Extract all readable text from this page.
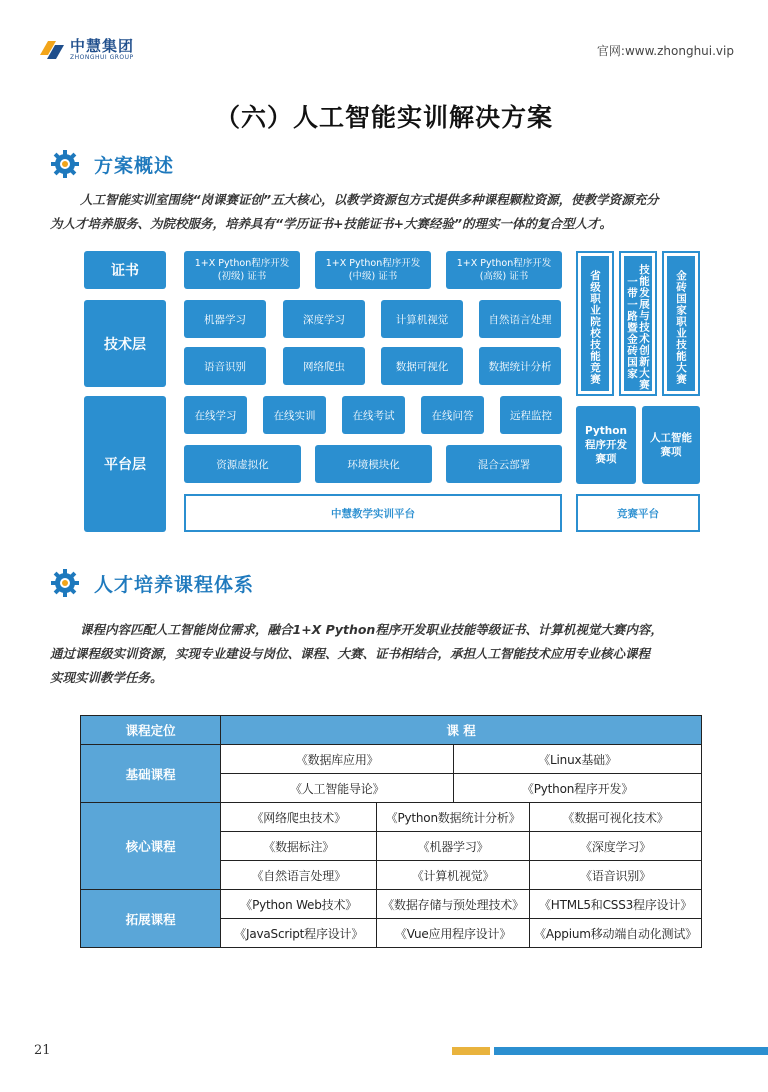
中慧集团
ZHONGHUI GROUP	官网:www.zhonghui.vip
（六）人工智能实训解决方案
方案概述
人工智能实训室围绕“岗课赛证创”五大核心，以教学资源包方式提供多种课程颗粒资源，使教学资源充分
为人才培养服务、为院校服务，培养具有“学历证书+技能证书+大赛经验”的理实一体的复合型人才。
证书
技术层
平台层
1+X Python程序开发
(初级) 证书
1+X Python程序开发
(中级) 证书
1+X Python程序开发
(高级) 证书
机器学习	深度学习	计算机视觉	自然语言处理
语音识别	网络爬虫	数据可视化	数据统计分析
在线学习	在线实训	在线考试	在线问答	远程监控
资源虚拟化	环境模块化	混合云部署
中慧教学实训平台
省级职业院校技能竞赛	技能发展与技术创新大赛
一带一路暨金砖国家	金砖国家职业技能大赛
Python
程序开发
赛项
人工智能
赛项
竞赛平台
人才培养课程体系
课程内容匹配人工智能岗位需求，融合1+X Python程序开发职业技能等级证书、计算机视觉大赛内容，
通过课程级实训资源，实现专业建设与岗位、课程、大赛、证书相结合，承担人工智能技术应用专业核心课程
实现实训教学任务。
课程定位	课 程			
基础课程	《数据库应用》		《Linux基础》	
	《人工智能导论》		《Python程序开发》	
核心课程	《网络爬虫技术》	《Python数据统计分析》		《数据可视化技术》
	《数据标注》	《机器学习》		《深度学习》
	《自然语言处理》	《计算机视觉》		《语音识别》
拓展课程	《Python Web技术》	《数据存储与预处理技术》		《HTML5和CSS3程序设计》
	《JavaScript程序设计》	《Vue应用程序设计》		《Appium移动端自动化测试》
21
